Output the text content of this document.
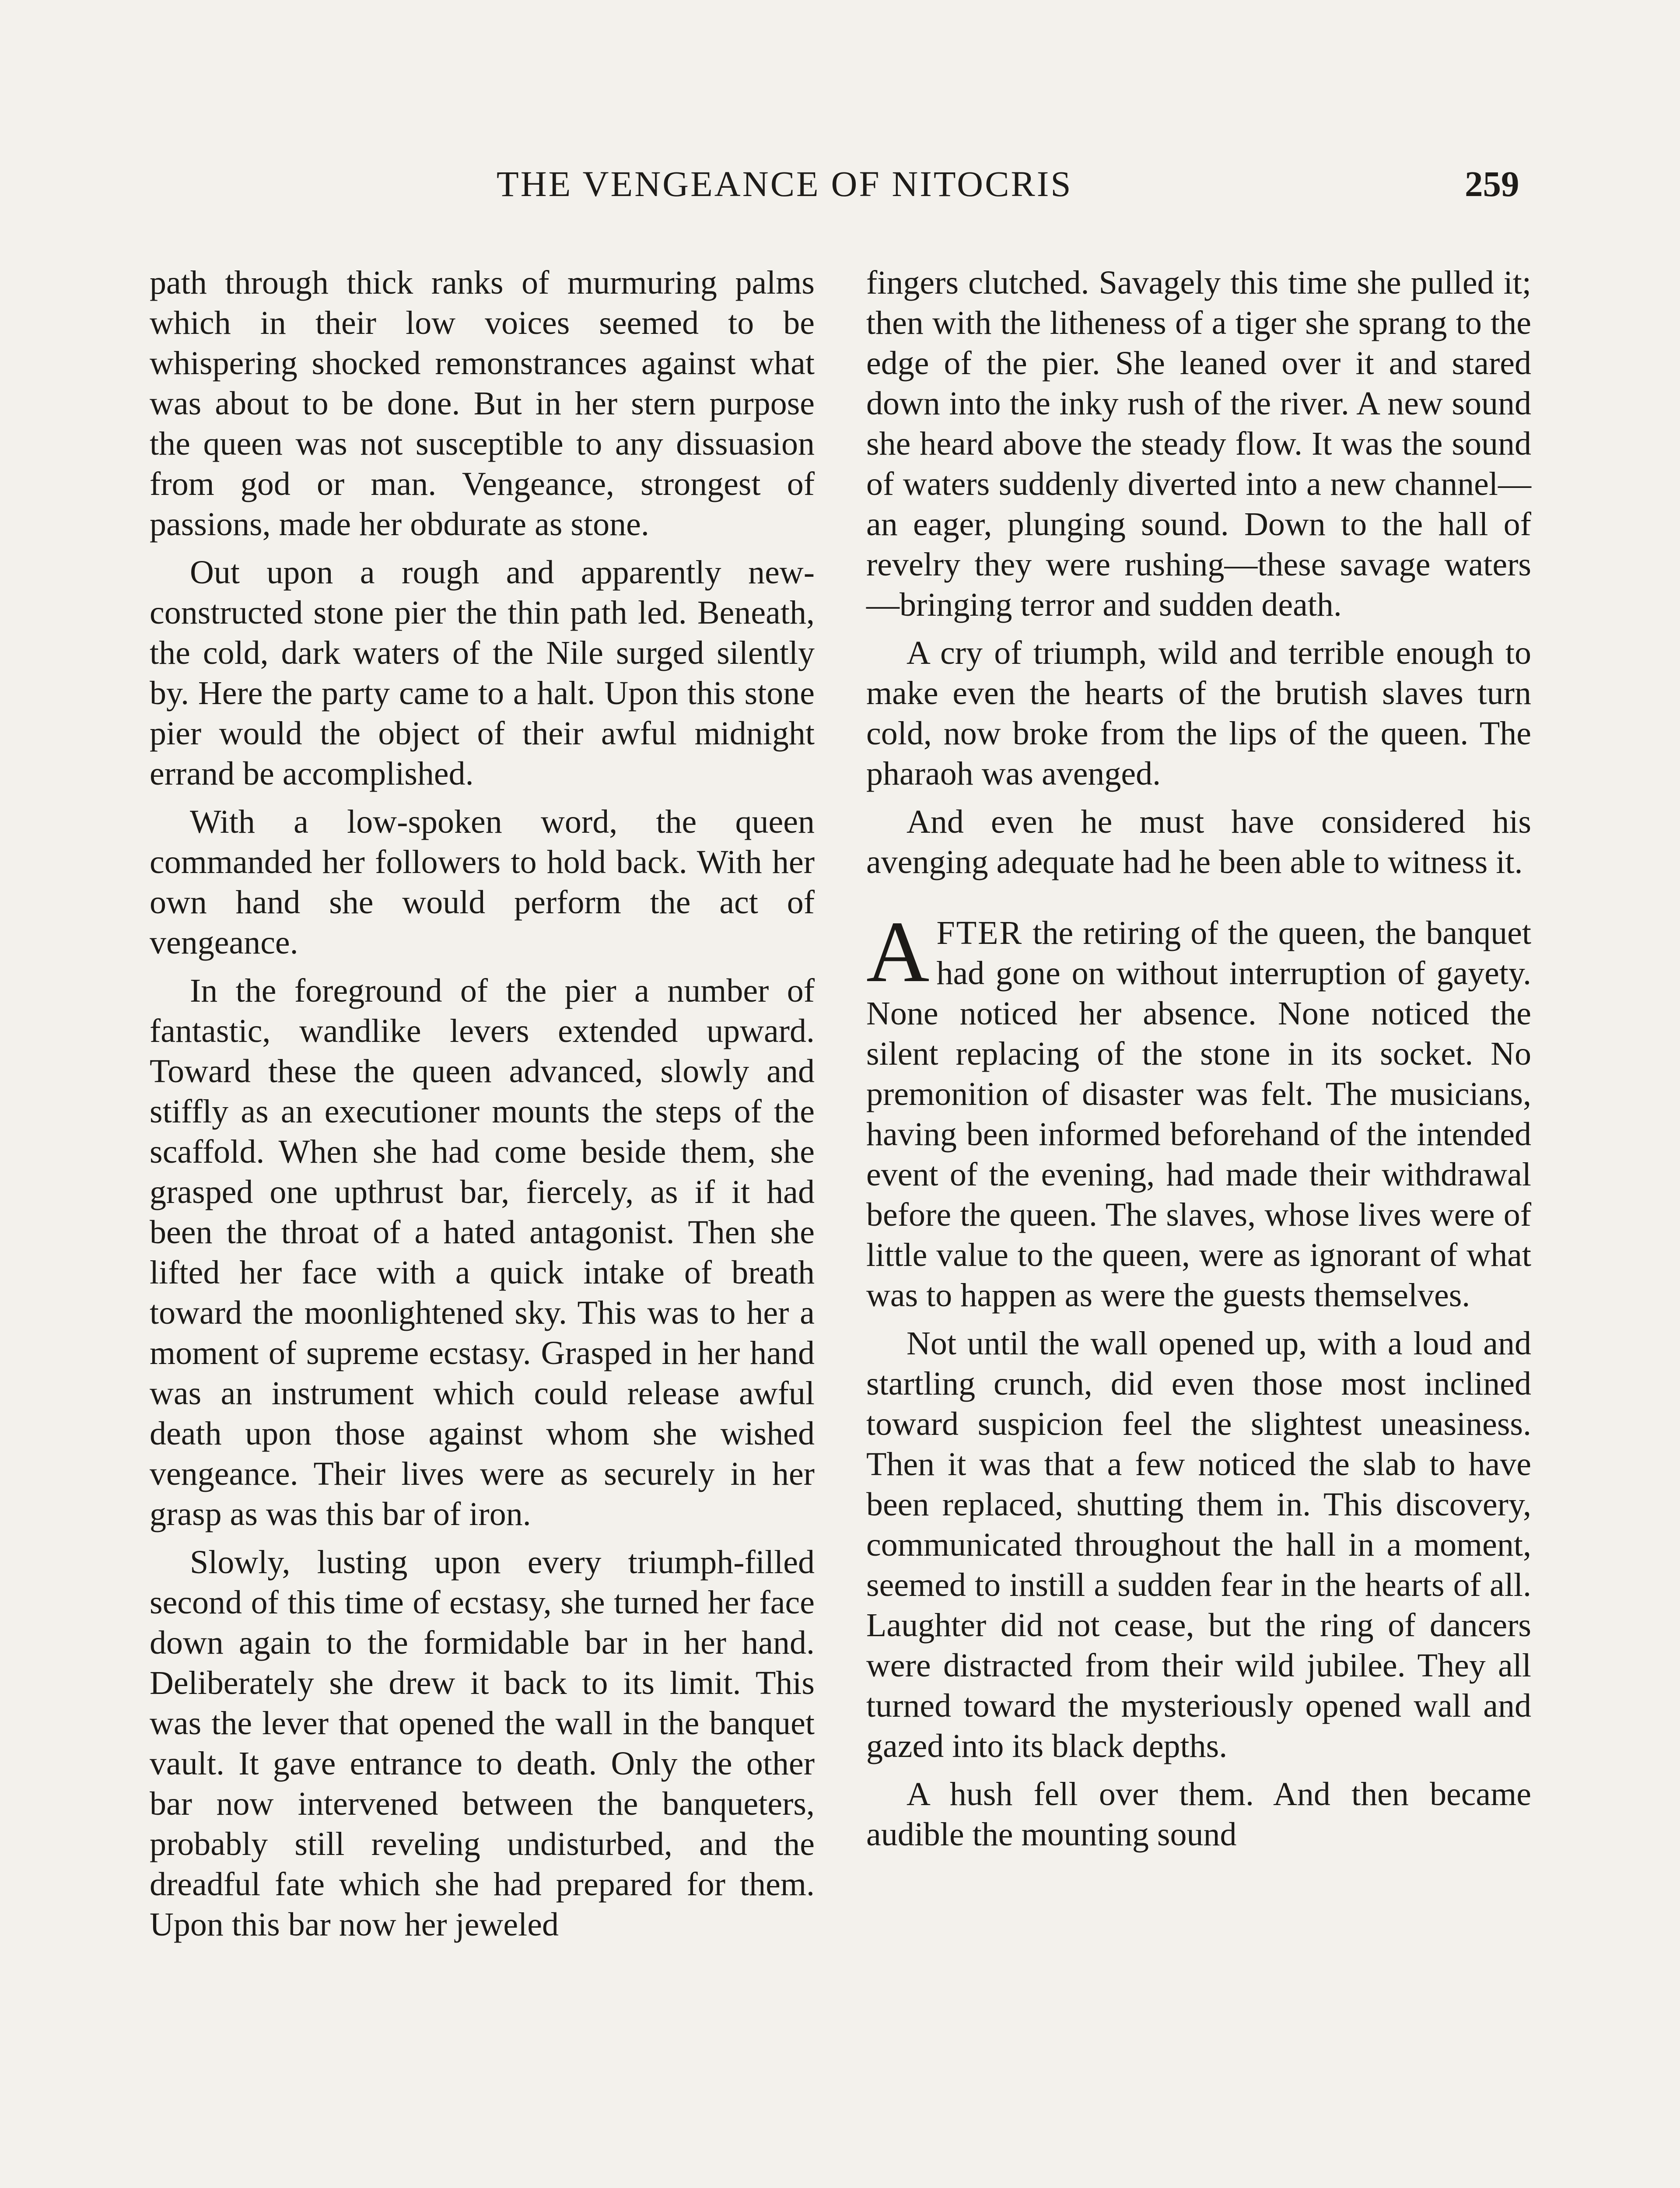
THE VENGEANCE OF NITOCRIS	259

path through thick ranks of murmuring palms which in their low voices seemed to be whispering shocked remonstrances against what was about to be done. But in her stern purpose the queen was not susceptible to any dissuasion from god or man. Vengeance, strongest of passions, made her obdurate as stone.

Out upon a rough and apparently new-constructed stone pier the thin path led. Beneath, the cold, dark waters of the Nile surged silently by. Here the party came to a halt. Upon this stone pier would the object of their awful midnight errand be accomplished.

With a low-spoken word, the queen commanded her followers to hold back. With her own hand she would perform the act of vengeance.

In the foreground of the pier a number of fantastic, wandlike levers extended upward. Toward these the queen advanced, slowly and stiffly as an executioner mounts the steps of the scaffold. When she had come beside them, she grasped one upthrust bar, fiercely, as if it had been the throat of a hated antagonist. Then she lifted her face with a quick intake of breath toward the moonlightened sky. This was to her a moment of supreme ecstasy. Grasped in her hand was an instrument which could release awful death upon those against whom she wished vengeance. Their lives were as securely in her grasp as was this bar of iron.

Slowly, lusting upon every triumph-filled second of this time of ecstasy, she turned her face down again to the formidable bar in her hand. Deliberately she drew it back to its limit. This was the lever that opened the wall in the banquet vault. It gave entrance to death. Only the other bar now intervened between the banqueters, probably still reveling undisturbed, and the dreadful fate which she had prepared for them. Upon this bar now her jeweled

fingers clutched. Savagely this time she pulled it; then with the litheness of a tiger she sprang to the edge of the pier. She leaned over it and stared down into the inky rush of the river. A new sound she heard above the steady flow. It was the sound of waters suddenly diverted into a new channel—an eager, plunging sound. Down to the hall of revelry they were rushing—these savage waters—bringing terror and sudden death.

A cry of triumph, wild and terrible enough to make even the hearts of the brutish slaves turn cold, now broke from the lips of the queen. The pharaoh was avenged.

And even he must have considered his avenging adequate had he been able to witness it.

AFTER the retiring of the queen, the banquet had gone on without interruption of gayety. None noticed her absence. None noticed the silent replacing of the stone in its socket. No premonition of disaster was felt. The musicians, having been informed beforehand of the intended event of the evening, had made their withdrawal before the queen. The slaves, whose lives were of little value to the queen, were as ignorant of what was to happen as were the guests themselves.

Not until the wall opened up, with a loud and startling crunch, did even those most inclined toward suspicion feel the slightest uneasiness. Then it was that a few noticed the slab to have been replaced, shutting them in. This discovery, communicated throughout the hall in a moment, seemed to instill a sudden fear in the hearts of all. Laughter did not cease, but the ring of dancers were distracted from their wild jubilee. They all turned toward the mysteriously opened wall and gazed into its black depths.

A hush fell over them. And then became audible the mounting sound
